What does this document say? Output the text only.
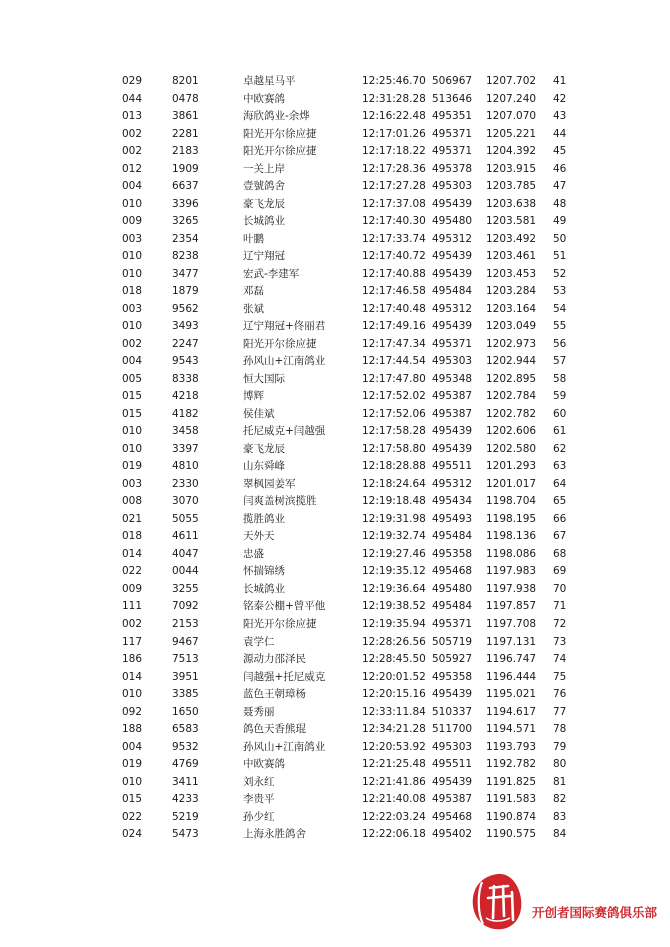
029	8201	卓越星马平	12:25:46.70 506967 1207.702 41
044	0478	中欧赛鸽	12:31:28.28 513646 1207.240 42
013	3861	海欣鸽业-余烨	12:16:22.48 495351 1207.070 43
002	2281	阳光开尔徐应捷	12:17:01.26 495371 1205.221 44
002	2183	阳光开尔徐应捷	12:17:18.22 495371 1204.392 45
012	1909	一关上岸	12:17:28.36 495378 1203.915 46
004	6637	壹號鸽舍	12:17:27.28 495303 1203.785 47
010	3396	豪飞龙辰	12:17:37.08 495439 1203.638 48
009	3265	长城鸽业	12:17:40.30 495480 1203.581 49
003	2354	叶鹏	12:17:33.74 495312 1203.492 50
010	8238	辽宁翔冠	12:17:40.72 495439 1203.461 51
010	3477	宏武-李建军	12:17:40.88 495439 1203.453 52
018	1879	邓磊	12:17:46.58 495484 1203.284 53
003	9562	张斌	12:17:40.48 495312 1203.164 54
010	3493	辽宁翔冠+佟丽君	12:17:49.16 495439 1203.049 55
002	2247	阳光开尔徐应捷	12:17:47.34 495371 1202.973 56
004	9543	孙风山+江南鸽业	12:17:44.54 495303 1202.944 57
005	8338	恒大国际	12:17:47.80 495348 1202.895 58
015	4218	博辉	12:17:52.02 495387 1202.784 59
015	4182	侯佳斌	12:17:52.06 495387 1202.782 60
010	3458	托尼威克+闫越强	12:17:58.28 495439 1202.606 61
010	3397	豪飞龙辰	12:17:58.80 495439 1202.580 62
019	4810	山东舜峰	12:18:28.88 495511 1201.293 63
003	2330	翠枫园姜军	12:18:24.64 495312 1201.017 64
008	3070	闫爽盖树滨揽胜	12:19:18.48 495434 1198.704 65
021	5055	揽胜鸽业	12:19:31.98 495493 1198.195 66
018	4611	天外天	12:19:32.74 495484 1198.136 67
014	4047	忠盛	12:19:27.46 495358 1198.086 68
022	0044	怀揣锦绣	12:19:35.12 495468 1197.983 69
009	3255	长城鸽业	12:19:36.64 495480 1197.938 70
111	7092	铭泰公棚+曾平他	12:19:38.52 495484 1197.857 71
002	2153	阳光开尔徐应捷	12:19:35.94 495371 1197.708 72
117	9467	袁学仁	12:28:26.56 505719 1197.131 73
186	7513	源动力邵泽民	12:28:45.50 505927 1196.747 74
014	3951	闫越强+托尼威克	12:20:01.52 495358 1196.444 75
010	3385	蓝色王朝璋杨	12:20:15.16 495439 1195.021 76
092	1650	聂秀丽	12:33:11.84 510337 1194.617 77
188	6583	鸽色天香熊琨	12:34:21.28 511700 1194.571 78
004	9532	孙风山+江南鸽业	12:20:53.92 495303 1193.793 79
019	4769	中欧赛鸽	12:21:25.48 495511 1192.782 80
010	3411	刘永红	12:21:41.86 495439 1191.825 81
015	4233	李贵平	12:21:40.08 495387 1191.583 82
022	5219	孙少红	12:22:03.24 495468 1190.874 83
024	5473	上海永胜鸽舍	12:22:06.18 495402 1190.575 84
开创者国际赛鸽俱乐部
